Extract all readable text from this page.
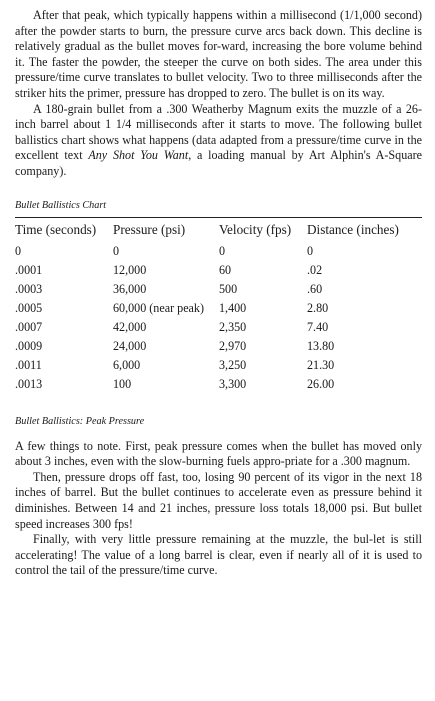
After that peak, which typically happens within a millisecond (1/1,000 second) after the powder starts to burn, the pressure curve arcs back down. This decline is relatively gradual as the bullet moves for-ward, increasing the bore volume behind it. The faster the powder, the steeper the curve on both sides. The area under this pressure/time curve translates to bullet velocity. Two to three milliseconds after the striker hits the primer, pressure has dropped to zero. The bullet is on its way.

A 180-grain bullet from a .300 Weatherby Magnum exits the muzzle of a 26-inch barrel about 1 1/4 milliseconds after it starts to move. The following bullet ballistics chart shows what happens (data adapted from a pressure/time curve in the excellent text Any Shot You Want, a loading manual by Art Alphin's A-Square company).

Bullet Ballistics Chart

Time (seconds)	Pressure (psi)	Velocity (fps)	Distance (inches)
0	0	0	0
.0001	12,000	60	.02
.0003	36,000	500	.60
.0005	60,000 (near peak)	1,400	2.80
.0007	42,000	2,350	7.40
.0009	24,000	2,970	13.80
.0011	6,000	3,250	21.30
.0013	100	3,300	26.00

Bullet Ballistics: Peak Pressure

A few things to note. First, peak pressure comes when the bullet has moved only about 3 inches, even with the slow-burning fuels appro-priate for a .300 magnum.

Then, pressure drops off fast, too, losing 90 percent of its vigor in the next 18 inches of barrel. But the bullet continues to accelerate even as pressure behind it diminishes. Between 14 and 21 inches, pressure loss totals 18,000 psi. But bullet speed increases 300 fps!

Finally, with very little pressure remaining at the muzzle, the bul-let is still accelerating! The value of a long barrel is clear, even if nearly all of it is used to control the tail of the pressure/time curve.
